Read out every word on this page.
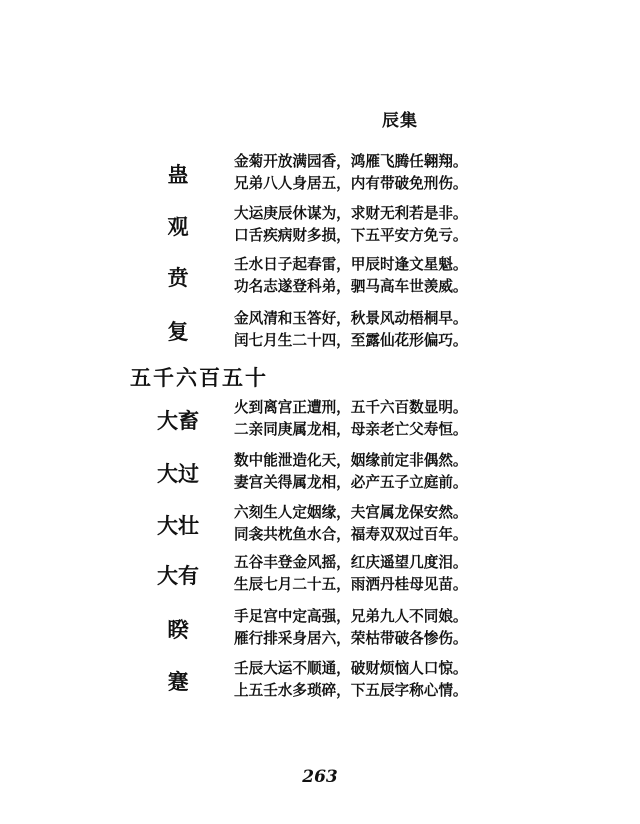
辰集
蛊
金菊开放满园香，鸿雁飞腾任翱翔。
兄弟八人身居五，内有带破免刑伤。
观
大运庚辰休谋为，求财无利若是非。
口舌疾病财多损，下五平安方免亏。
贲
壬水日子起春雷，甲辰时逢文星魁。
功名志遂登科弟，驷马高车世羡威。
复
金风清和玉答好，秋景风动梧桐早。
闰七月生二十四，至露仙花形偏巧。
五千六百五十
大畜
火到离宫正遭刑，五千六百数显明。
二亲同庚属龙相，母亲老亡父寿恒。
大过
数中能泄造化天，姻缘前定非偶然。
妻宫关得属龙相，必产五子立庭前。
大壮
六刻生人定姻缘，夫宫属龙保安然。
同衾共枕鱼水合，福寿双双过百年。
大有
五谷丰登金风摇，红庆遥望几度泪。
生辰七月二十五，雨洒丹桂母见苗。
睽
手足宫中定高强，兄弟九人不同娘。
雁行排采身居六，荣枯带破各惨伤。
蹇
壬辰大运不顺通，破财烦恼人口惊。
上五壬水多琐碎，下五辰字称心情。
263
